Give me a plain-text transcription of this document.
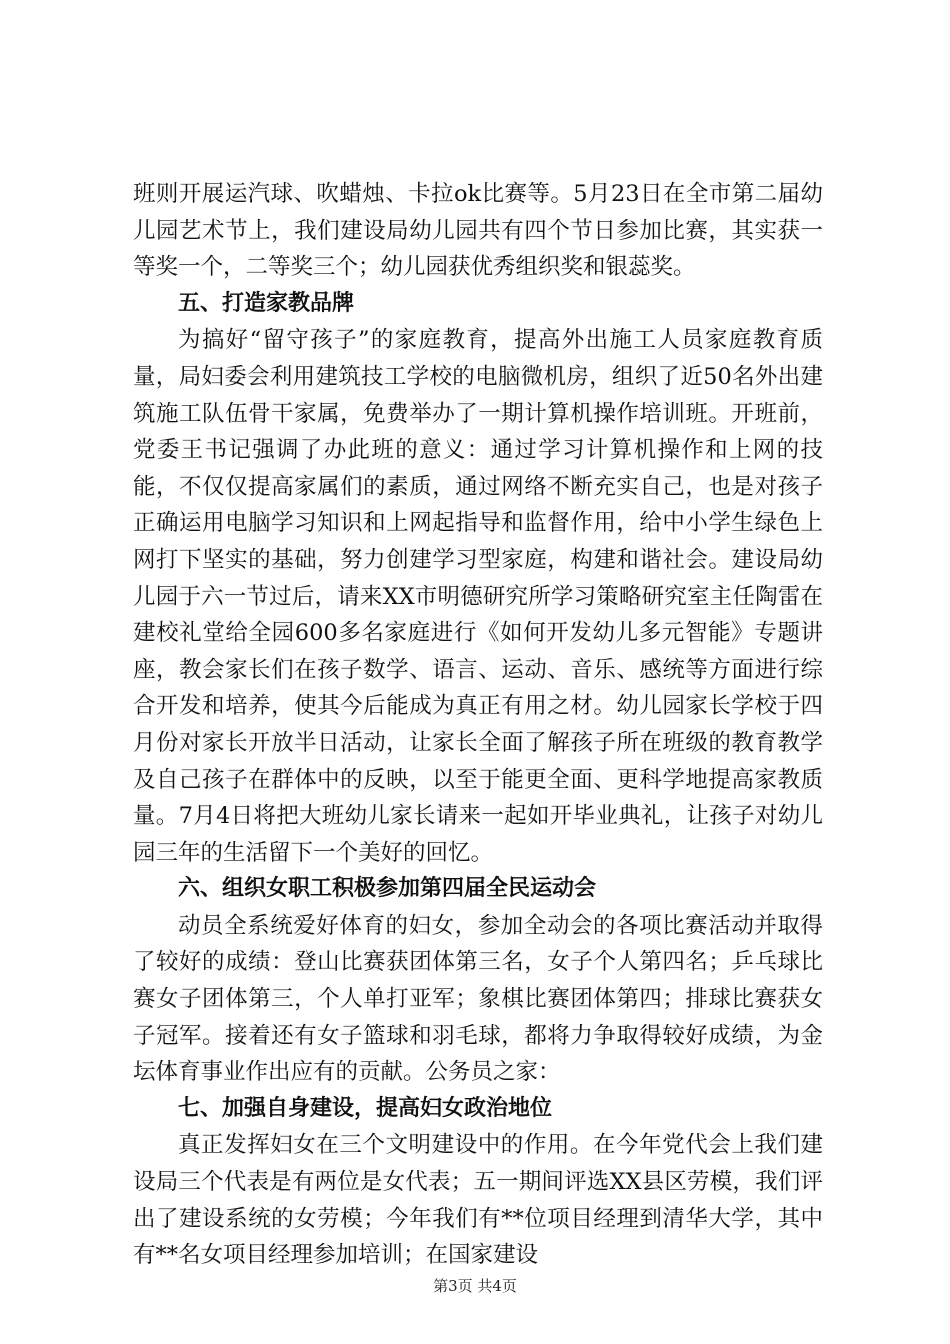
班则开展运汽球、吹蜡烛、卡拉ok比赛等。5月23日在全市第二届幼儿园艺术节上，我们建设局幼儿园共有四个节日参加比赛，其实获一等奖一个，二等奖三个；幼儿园获优秀组织奖和银蕊奖。

五、打造家教品牌

为搞好“留守孩子”的家庭教育，提高外出施工人员家庭教育质量，局妇委会利用建筑技工学校的电脑微机房，组织了近50名外出建筑施工队伍骨干家属，免费举办了一期计算机操作培训班。开班前，党委王书记强调了办此班的意义：通过学习计算机操作和上网的技能，不仅仅提高家属们的素质，通过网络不断充实自己，也是对孩子正确运用电脑学习知识和上网起指导和监督作用，给中小学生绿色上网打下坚实的基础，努力创建学习型家庭，构建和谐社会。建设局幼儿园于六一节过后，请来XX市明德研究所学习策略研究室主任陶雷在建校礼堂给全园600多名家庭进行《如何开发幼儿多元智能》专题讲座，教会家长们在孩子数学、语言、运动、音乐、感统等方面进行综合开发和培养，使其今后能成为真正有用之材。幼儿园家长学校于四月份对家长开放半日活动，让家长全面了解孩子所在班级的教育教学及自己孩子在群体中的反映，以至于能更全面、更科学地提高家教质量。7月4日将把大班幼儿家长请来一起如开毕业典礼，让孩子对幼儿园三年的生活留下一个美好的回忆。

六、组织女职工积极参加第四届全民运动会

动员全系统爱好体育的妇女，参加全动会的各项比赛活动并取得了较好的成绩：登山比赛获团体第三名，女子个人第四名；乒乓球比赛女子团体第三，个人单打亚军；象棋比赛团体第四；排球比赛获女子冠军。接着还有女子篮球和羽毛球，都将力争取得较好成绩，为金坛体育事业作出应有的贡献。公务员之家：

七、加强自身建设，提高妇女政治地位

真正发挥妇女在三个文明建设中的作用。在今年党代会上我们建设局三个代表是有两位是女代表；五一期间评选XX县区劳模，我们评出了建设系统的女劳模；今年我们有**位项目经理到清华大学，其中有**名女项目经理参加培训；在国家建设

第3页 共4页
